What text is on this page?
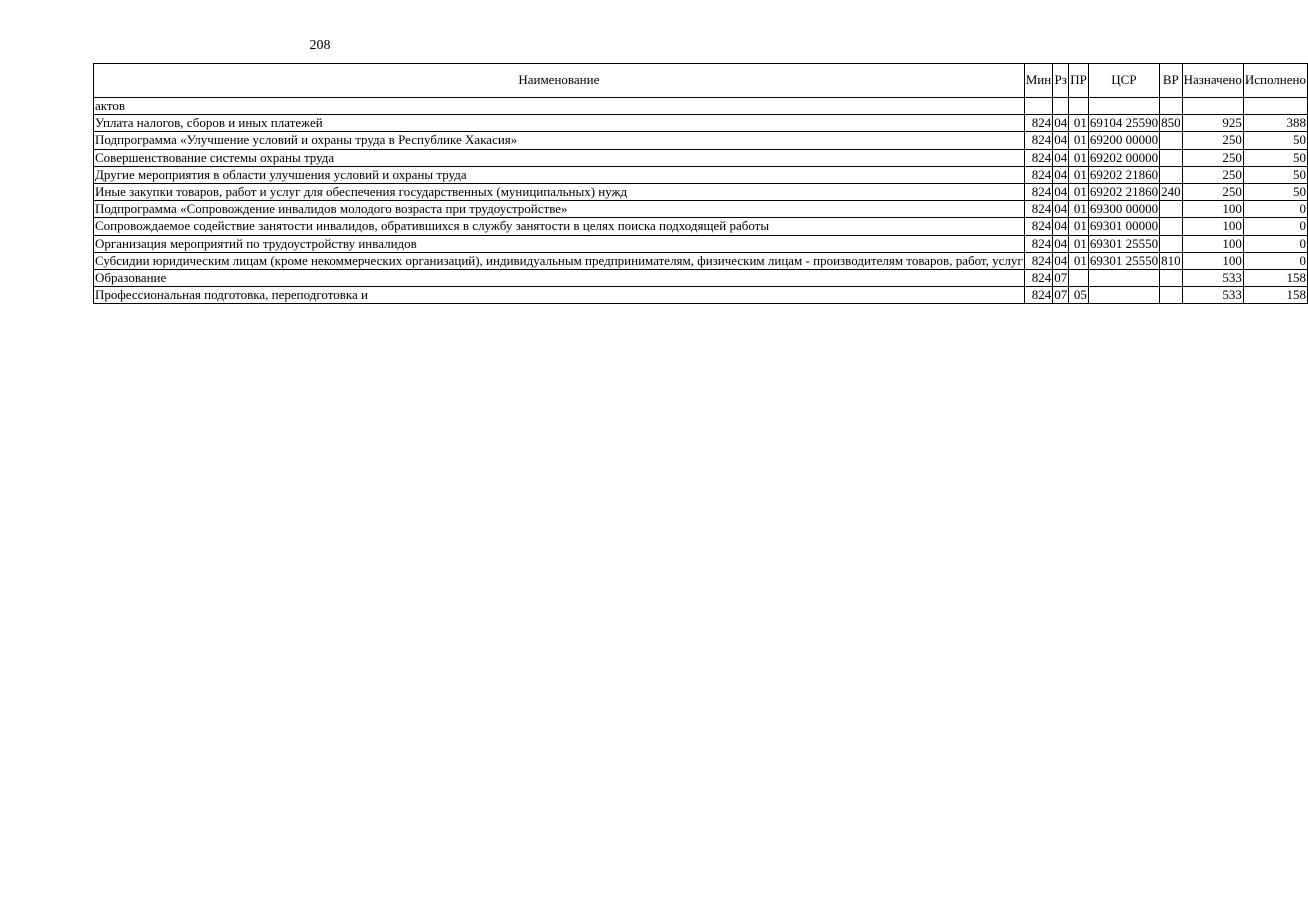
208
Наименование	Мин	Рз	ПР	ЦСР	ВР	Назначено	Исполнено
актов							
Уплата налогов, сборов и иных платежей	824	04	01	69104 25590	850	925	388
Подпрограмма «Улучшение условий и охраны труда в Республике Хакасия»	824	04	01	69200 00000		250	50
Совершенствование системы охраны труда	824	04	01	69202 00000		250	50
Другие мероприятия в области улучшения условий и охраны труда	824	04	01	69202 21860		250	50
Иные закупки товаров, работ и услуг для обеспечения государственных (муниципальных) нужд	824	04	01	69202 21860	240	250	50
Подпрограмма «Сопровождение инвалидов молодого возраста при трудоустройстве»	824	04	01	69300 00000		100	0
Сопровождаемое содействие занятости инвалидов, обратившихся в службу занятости в целях поиска подходящей работы	824	04	01	69301 00000		100	0
Организация мероприятий по трудоустройству инвалидов	824	04	01	69301 25550		100	0
Субсидии юридическим лицам (кроме некоммерческих организаций), индивидуальным предпринимателям, физическим лицам - производителям товаров, работ, услуг	824	04	01	69301 25550	810	100	0
Образование	824	07				533	158
Профессиональная подготовка, переподготовка и	824	07	05			533	158
